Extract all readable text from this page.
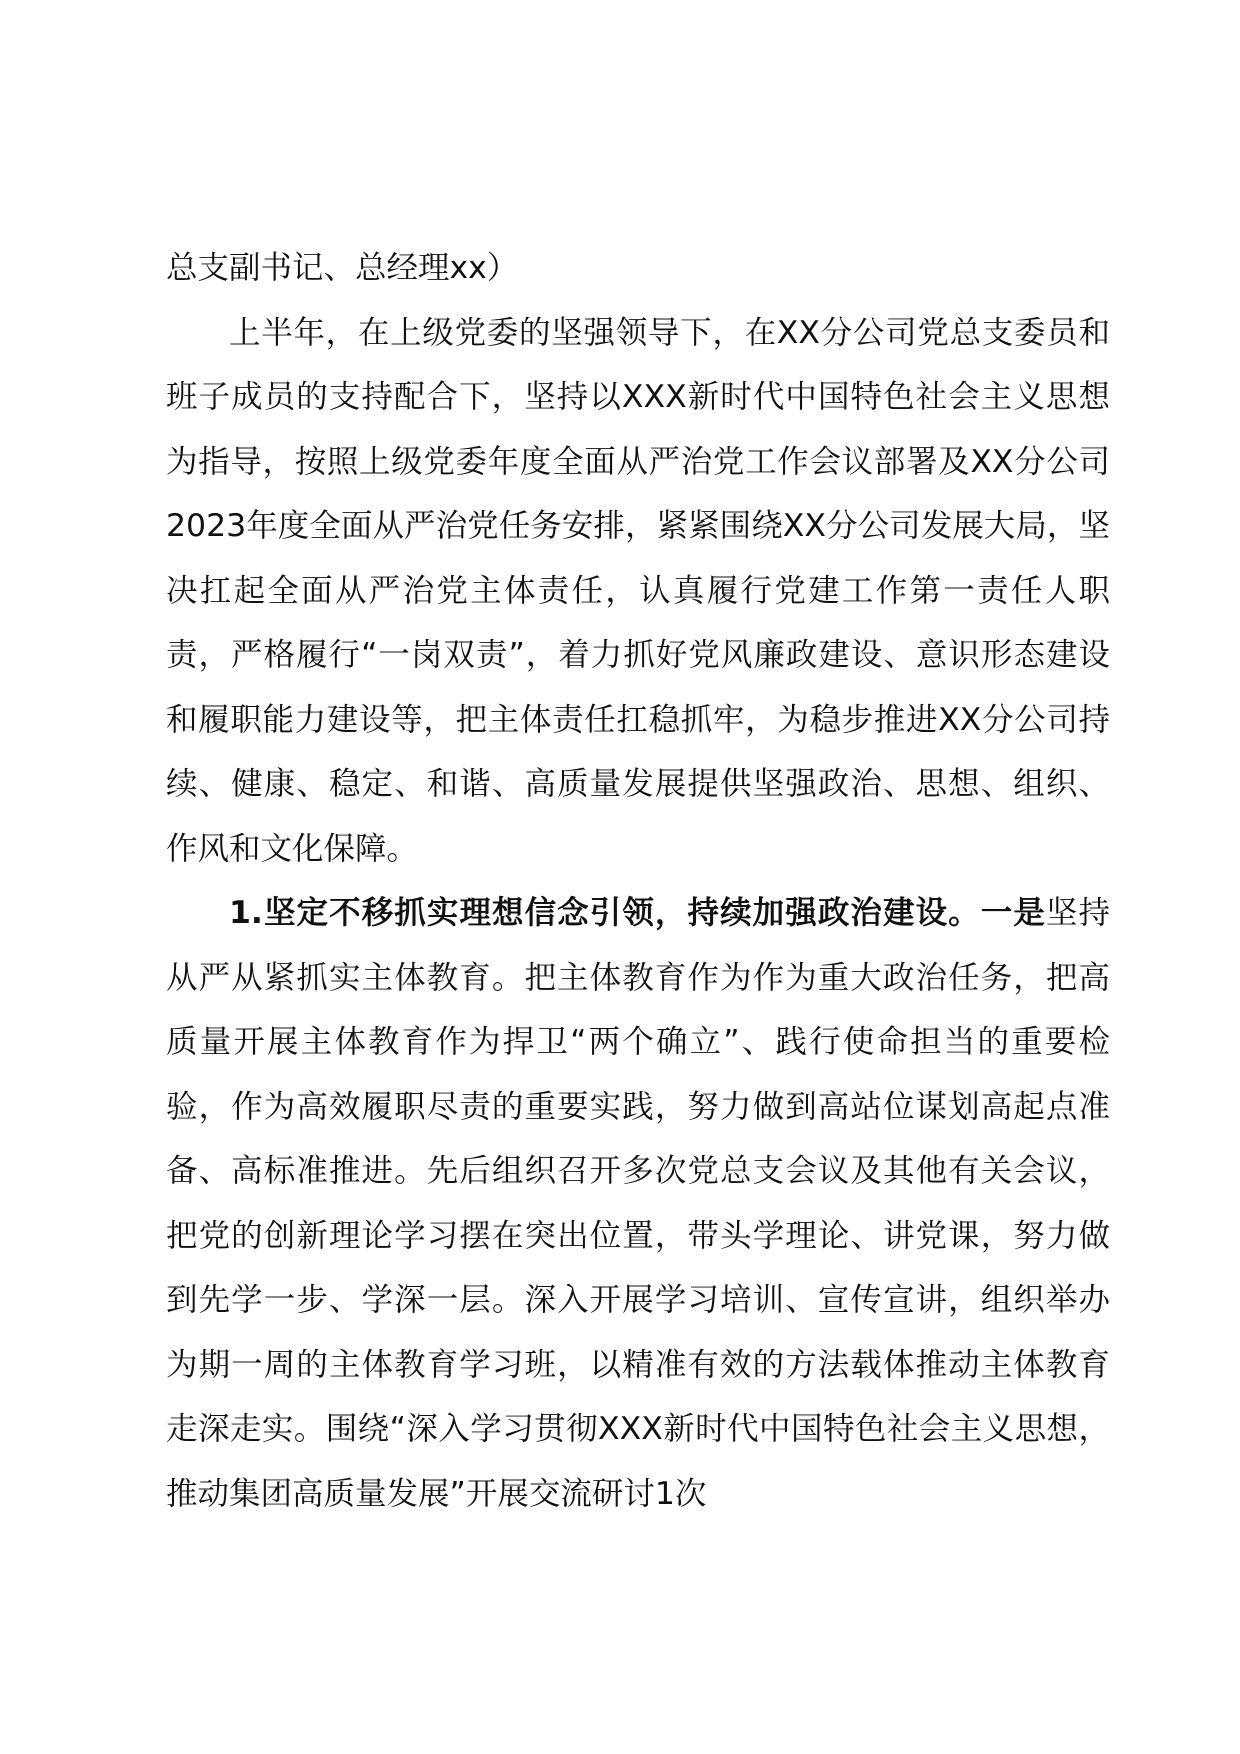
总支副书记、总经理xx）

上半年，在上级党委的坚强领导下，在XX分公司党总支委员和班子成员的支持配合下，坚持以XXX新时代中国特色社会主义思想为指导，按照上级党委年度全面从严治党工作会议部署及XX分公司2023年度全面从严治党任务安排，紧紧围绕XX分公司发展大局，坚决扛起全面从严治党主体责任，认真履行党建工作第一责任人职责，严格履行“一岗双责”，着力抓好党风廉政建设、意识形态建设和履职能力建设等，把主体责任扛稳抓牢，为稳步推进XX分公司持续、健康、稳定、和谐、高质量发展提供坚强政治、思想、组织、作风和文化保障。

1.坚定不移抓实理想信念引领，持续加强政治建设。一是坚持从严从紧抓实主体教育。把主体教育作为作为重大政治任务，把高质量开展主体教育作为捍卫“两个确立”、践行使命担当的重要检验，作为高效履职尽责的重要实践，努力做到高站位谋划高起点准备、高标准推进。先后组织召开多次党总支会议及其他有关会议，把党的创新理论学习摆在突出位置，带头学理论、讲党课，努力做到先学一步、学深一层。深入开展学习培训、宣传宣讲，组织举办为期一周的主体教育学习班，以精准有效的方法载体推动主体教育走深走实。围绕“深入学习贯彻XXX新时代中国特色社会主义思想，推动集团高质量发展”开展交流研讨1次
